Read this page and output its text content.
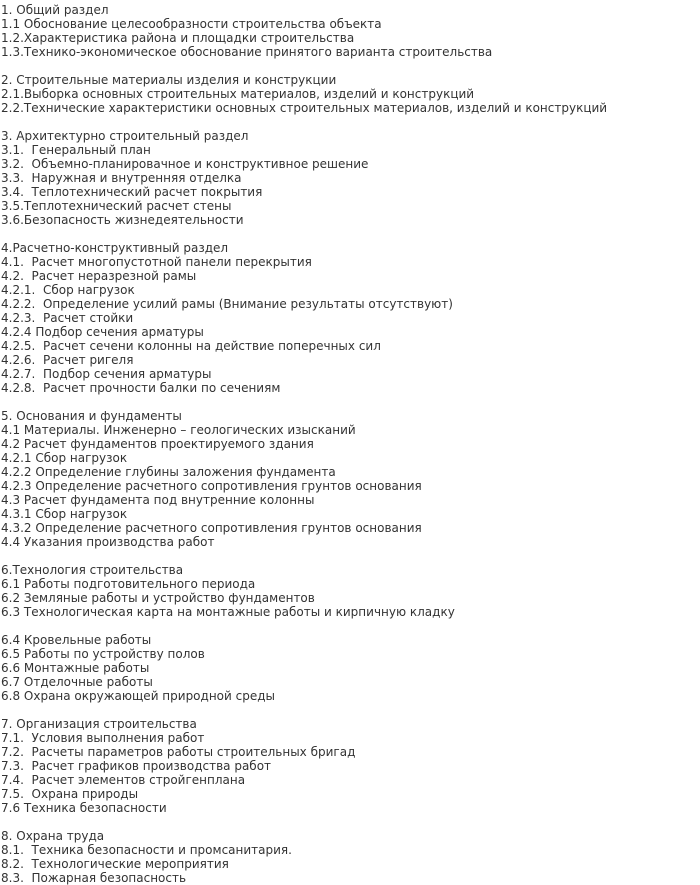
1. Общий раздел
1.1 Обоснование целесообразности строительства объекта
1.2.Характеристика района и площадки строительства
1.3.Технико-экономическое обоснование принятого варианта строительства
2. Строительные материалы изделия и конструкции
2.1.Выборка основных строительных материалов, изделий и конструкций
2.2.Технические характеристики основных строительных материалов, изделий и конструкций
3. Архитектурно строительный раздел
3.1.  Генеральный план
3.2.  Объемно-планировачное и конструктивное решение
3.3.  Наружная и внутренняя отделка
3.4.  Теплотехнический расчет покрытия
3.5.Теплотехнический расчет стены
3.6.Безопасность жизнедеятельности
4.Расчетно-конструктивный раздел
4.1.  Расчет многопустотной панели перекрытия
4.2.  Расчет неразрезной рамы
4.2.1.  Сбор нагрузок
4.2.2.  Определение усилий рамы (Внимание результаты отсутствуют)
4.2.3.  Расчет стойки
4.2.4 Подбор сечения арматуры
4.2.5.  Расчет сечени колонны на действие поперечных сил
4.2.6.  Расчет ригеля
4.2.7.  Подбор сечения арматуры
4.2.8.  Расчет прочности балки по сечениям
5. Основания и фундаменты
4.1 Материалы. Инженерно – геологических изысканий
4.2 Расчет фундаментов проектируемого здания
4.2.1 Сбор нагрузок
4.2.2 Определение глубины заложения фундамента
4.2.3 Определение расчетного сопротивления грунтов основания
4.3 Расчет фундамента под внутренние колонны
4.3.1 Сбор нагрузок
4.3.2 Определение расчетного сопротивления грунтов основания
4.4 Указания производства работ
6.Технология строительства
6.1 Работы подготовительного периода
6.2 Земляные работы и устройство фундаментов
6.3 Технологическая карта на монтажные работы и кирпичную кладку
6.4 Кровельные работы
6.5 Работы по устройству полов
6.6 Монтажные работы
6.7 Отделочные работы
6.8 Охрана окружающей природной среды
7. Организация строительства
7.1.  Условия выполнения работ
7.2.  Расчеты параметров работы строительных бригад
7.3.  Расчет графиков производства работ
7.4.  Расчет элементов стройгенплана
7.5.  Охрана природы
7.6 Техника безопасности
8. Охрана труда
8.1.  Техника безопасности и промсанитария.
8.2.  Технологические мероприятия
8.3.  Пожарная безопасность
